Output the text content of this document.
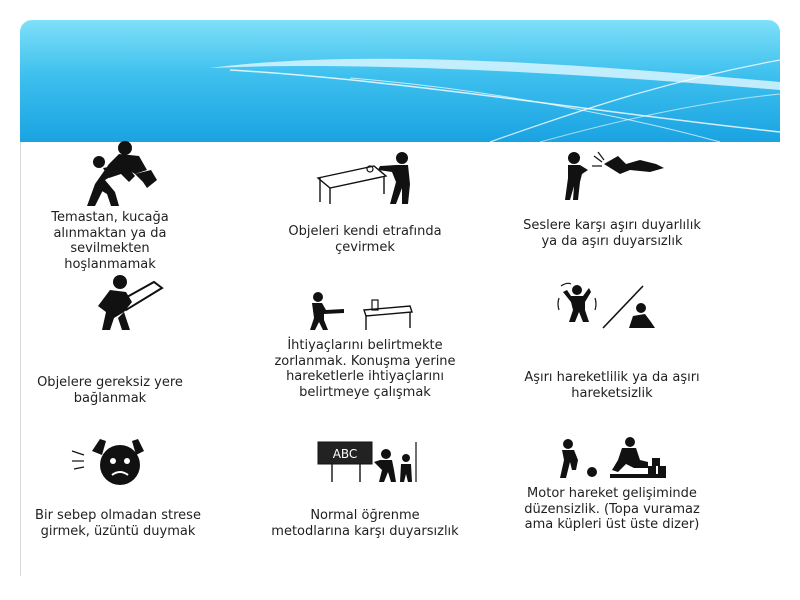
Temastan, kucağa alınmaktan ya da sevilmekten hoşlanmamak
Objeleri kendi etrafında çevirmek
Seslere karşı aşırı duyarlılık ya da aşırı duyarsızlık
Objelere gereksiz yere bağlanmak
İhtiyaçlarını belirtmekte zorlanmak. Konuşma yerine hareketlerle ihtiyaçlarını belirtmeye çalışmak
Aşırı hareketlilik ya da aşırı hareketsizlik
Bir sebep olmadan strese girmek, üzüntü duymak
ABC
Normal öğrenme metodlarına karşı duyarsızlık
Motor hareket gelişiminde düzensizlik. (Topa vuramaz ama küpleri üst üste dizer)
